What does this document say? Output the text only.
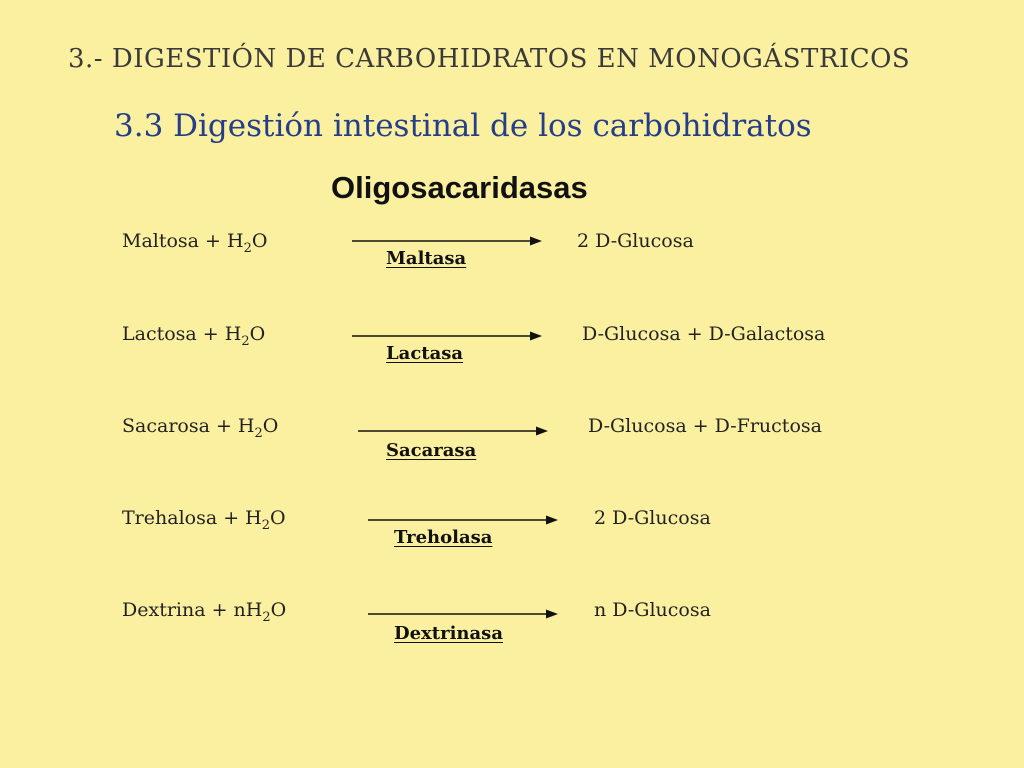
3.- DIGESTIÓN DE CARBOHIDRATOS EN MONOGÁSTRICOS
3.3 Digestión intestinal de los carbohidratos
Oligosacaridasas
Maltosa + $H_2O$
Maltasa
2 D-Glucosa
Lactosa + $H_2O$
Lactasa
D-Glucosa + D-Galactosa
Sacarosa + $H_2O$
Sacarasa
D-Glucosa + D-Fructosa
Trehalosa + $H_2O$
Treholasa
2 D-Glucosa
Dextrina + $nH_2O$
Dextrinasa
n D-Glucosa
